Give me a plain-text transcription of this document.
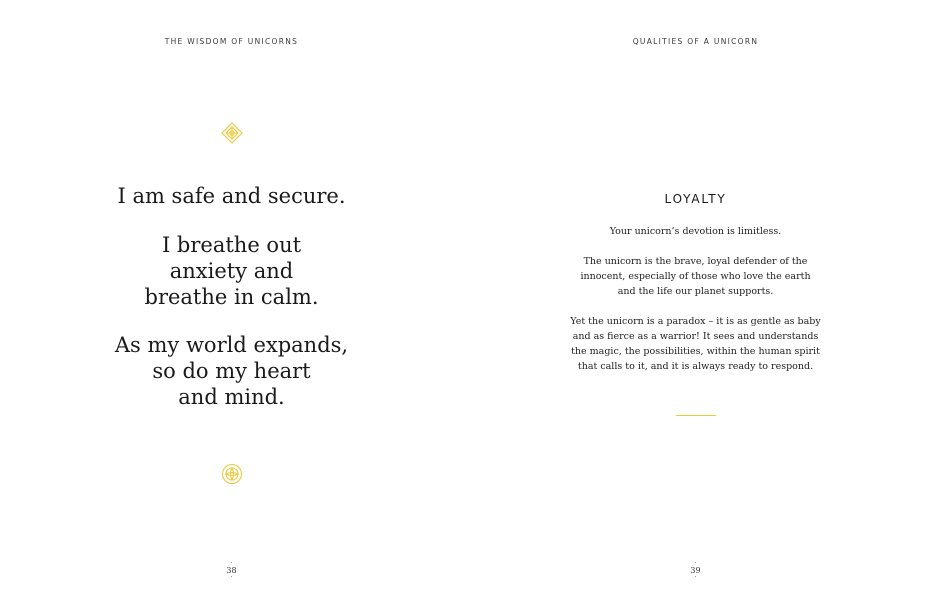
THE WISDOM OF UNICORNS

I am safe and secure.

I breathe out
anxiety and
breathe in calm.

As my world expands,
so do my heart
and mind.

·
38
·
QUALITIES OF A UNICORN
LOYALTY

Your unicorn’s devotion is limitless.

The unicorn is the brave, loyal defender of the
innocent, especially of those who love the earth
and the life our planet supports.

Yet the unicorn is a paradox – it is as gentle as baby
and as fierce as a warrior! It sees and understands
the magic, the possibilities, within the human spirit
that calls to it, and it is always ready to respond.

·
39
·
